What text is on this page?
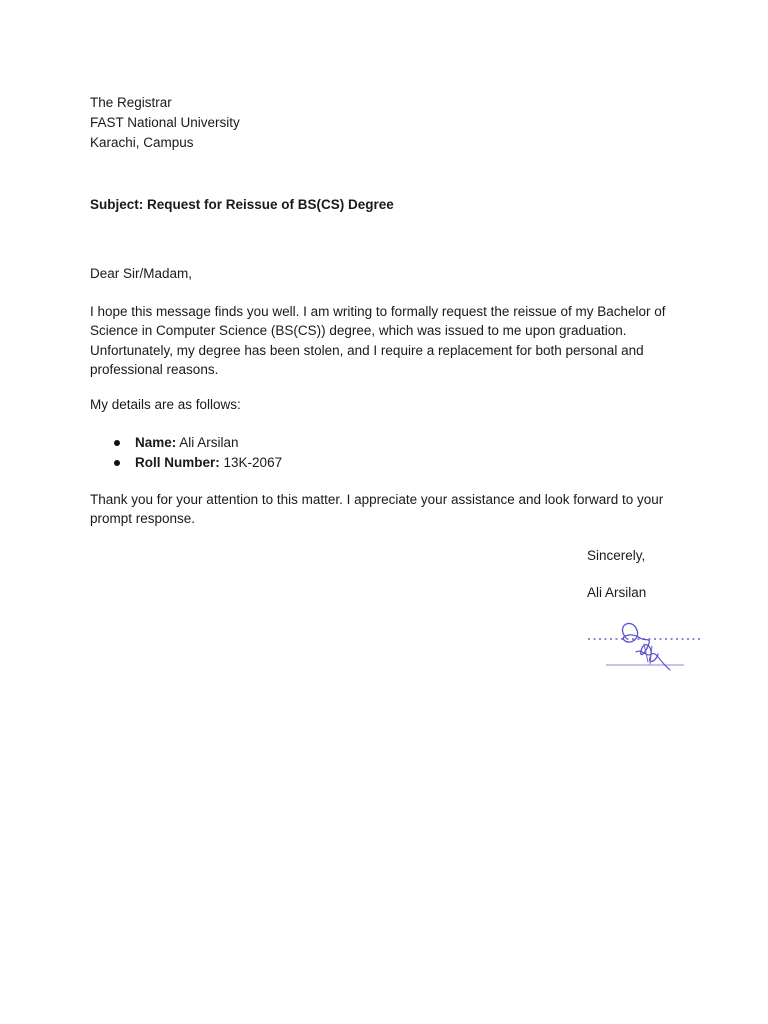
The Registrar
FAST National University
Karachi, Campus
Subject: Request for Reissue of BS(CS) Degree
Dear Sir/Madam,
I hope this message finds you well. I am writing to formally request the reissue of my Bachelor of Science in Computer Science (BS(CS)) degree, which was issued to me upon graduation. Unfortunately, my degree has been stolen, and I require a replacement for both personal and professional reasons.
My details are as follows:
Name: Ali Arsilan
Roll Number: 13K-2067
Thank you for your attention to this matter. I appreciate your assistance and look forward to your prompt response.
Sincerely,
Ali Arsilan
